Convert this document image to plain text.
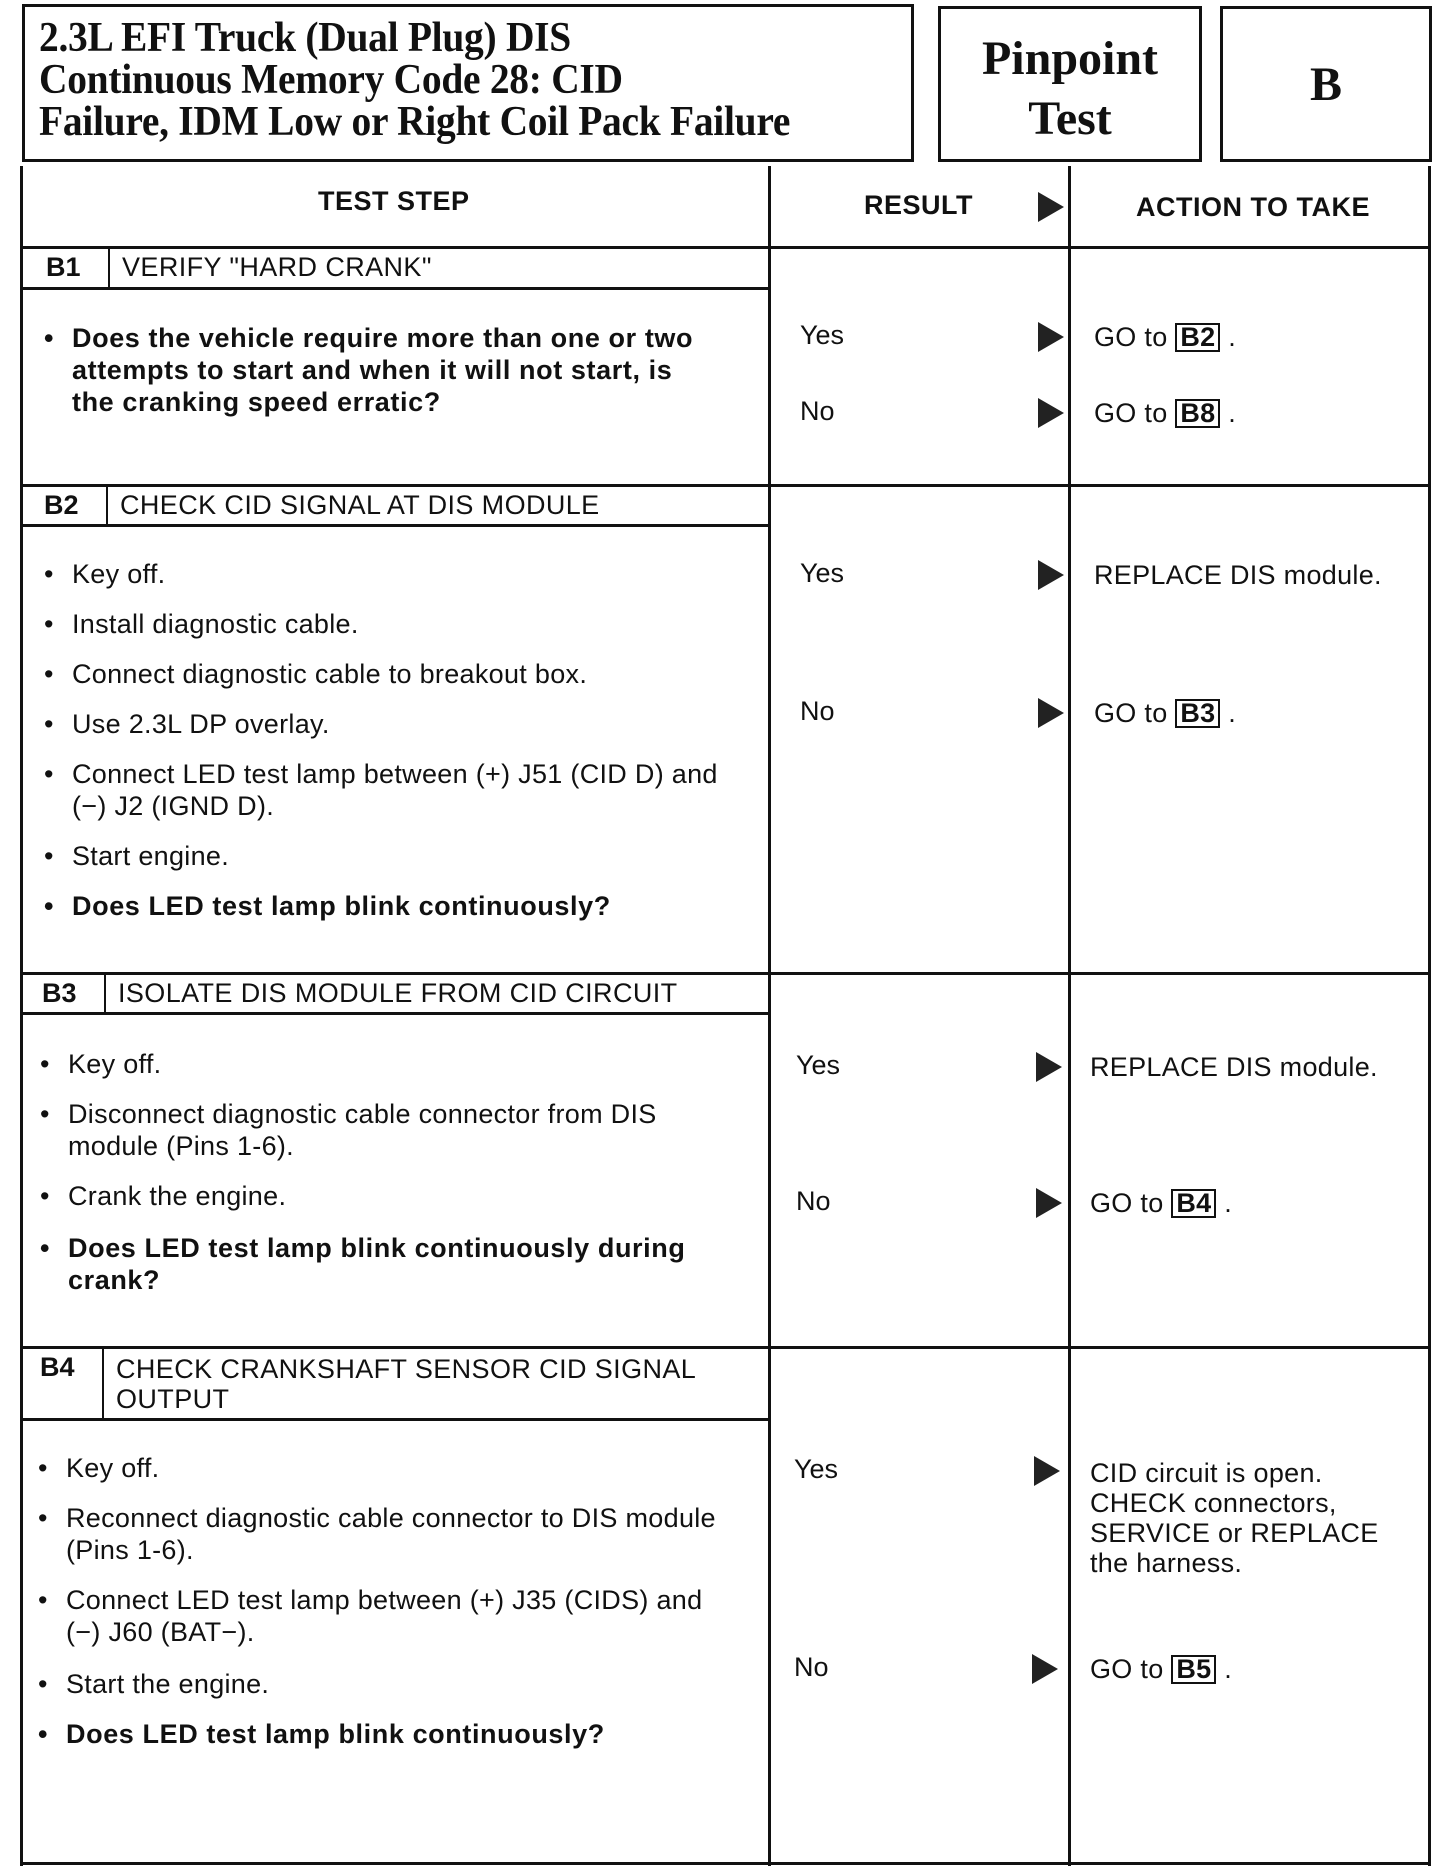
2.3L EFI Truck (Dual Plug) DIS
Continuous Memory Code 28: CID
Failure, IDM Low or Right Coil Pack Failure
Pinpoint
Test
B
TEST STEP	RESULT	ACTION TO TAKE
B1 VERIFY "HARD CRANK"
• Does the vehicle require more than one or two attempts to start and when it will not start, is the cranking speed erratic?
Yes	GO to B2 .
No	GO to B8 .
B2 CHECK CID SIGNAL AT DIS MODULE
• Key off.
• Install diagnostic cable.
• Connect diagnostic cable to breakout box.
• Use 2.3L DP overlay.
• Connect LED test lamp between (+) J51 (CID D) and (−) J2 (IGND D).
• Start engine.
• Does LED test lamp blink continuously?
Yes	REPLACE DIS module.
No	GO to B3 .
B3 ISOLATE DIS MODULE FROM CID CIRCUIT
• Key off.
• Disconnect diagnostic cable connector from DIS module (Pins 1-6).
• Crank the engine.
• Does LED test lamp blink continuously during crank?
Yes	REPLACE DIS module.
No	GO to B4 .
B4 CHECK CRANKSHAFT SENSOR CID SIGNAL
OUTPUT
• Key off.
• Reconnect diagnostic cable connector to DIS module (Pins 1-6).
• Connect LED test lamp between (+) J35 (CIDS) and (−) J60 (BAT−).
• Start the engine.
• Does LED test lamp blink continuously?
Yes	CID circuit is open.
CHECK connectors,
SERVICE or REPLACE
the harness.
No	GO to B5 .
